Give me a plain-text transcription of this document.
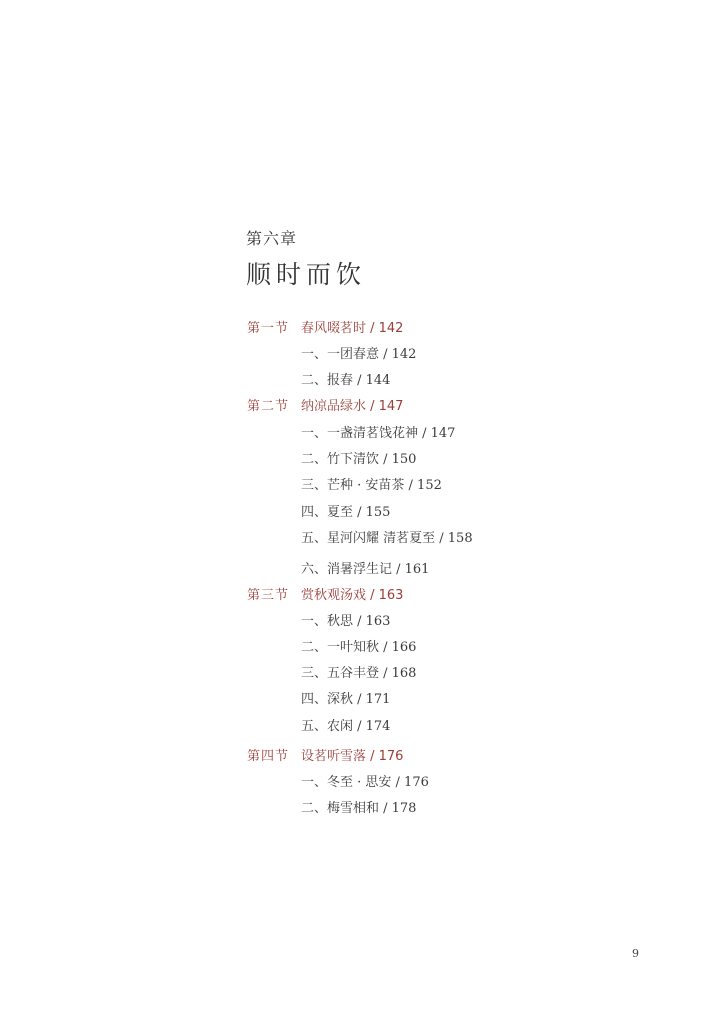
第六章
顺时而饮
第一节 春风啜茗时 / 142
一、一团春意 / 142
二、报春 / 144
第二节 纳凉品绿水 / 147
一、一盏清茗饯花神 / 147
二、竹下清饮 / 150
三、芒种 · 安苗茶 / 152
四、夏至 / 155
五、星河闪耀 清茗夏至 / 158
六、消暑浮生记 / 161
第三节 赏秋观汤戏 / 163
一、秋思 / 163
二、一叶知秋 / 166
三、五谷丰登 / 168
四、深秋 / 171
五、农闲 / 174
第四节 设茗听雪落 / 176
一、冬至 · 思安 / 176
二、梅雪相和 / 178
9
